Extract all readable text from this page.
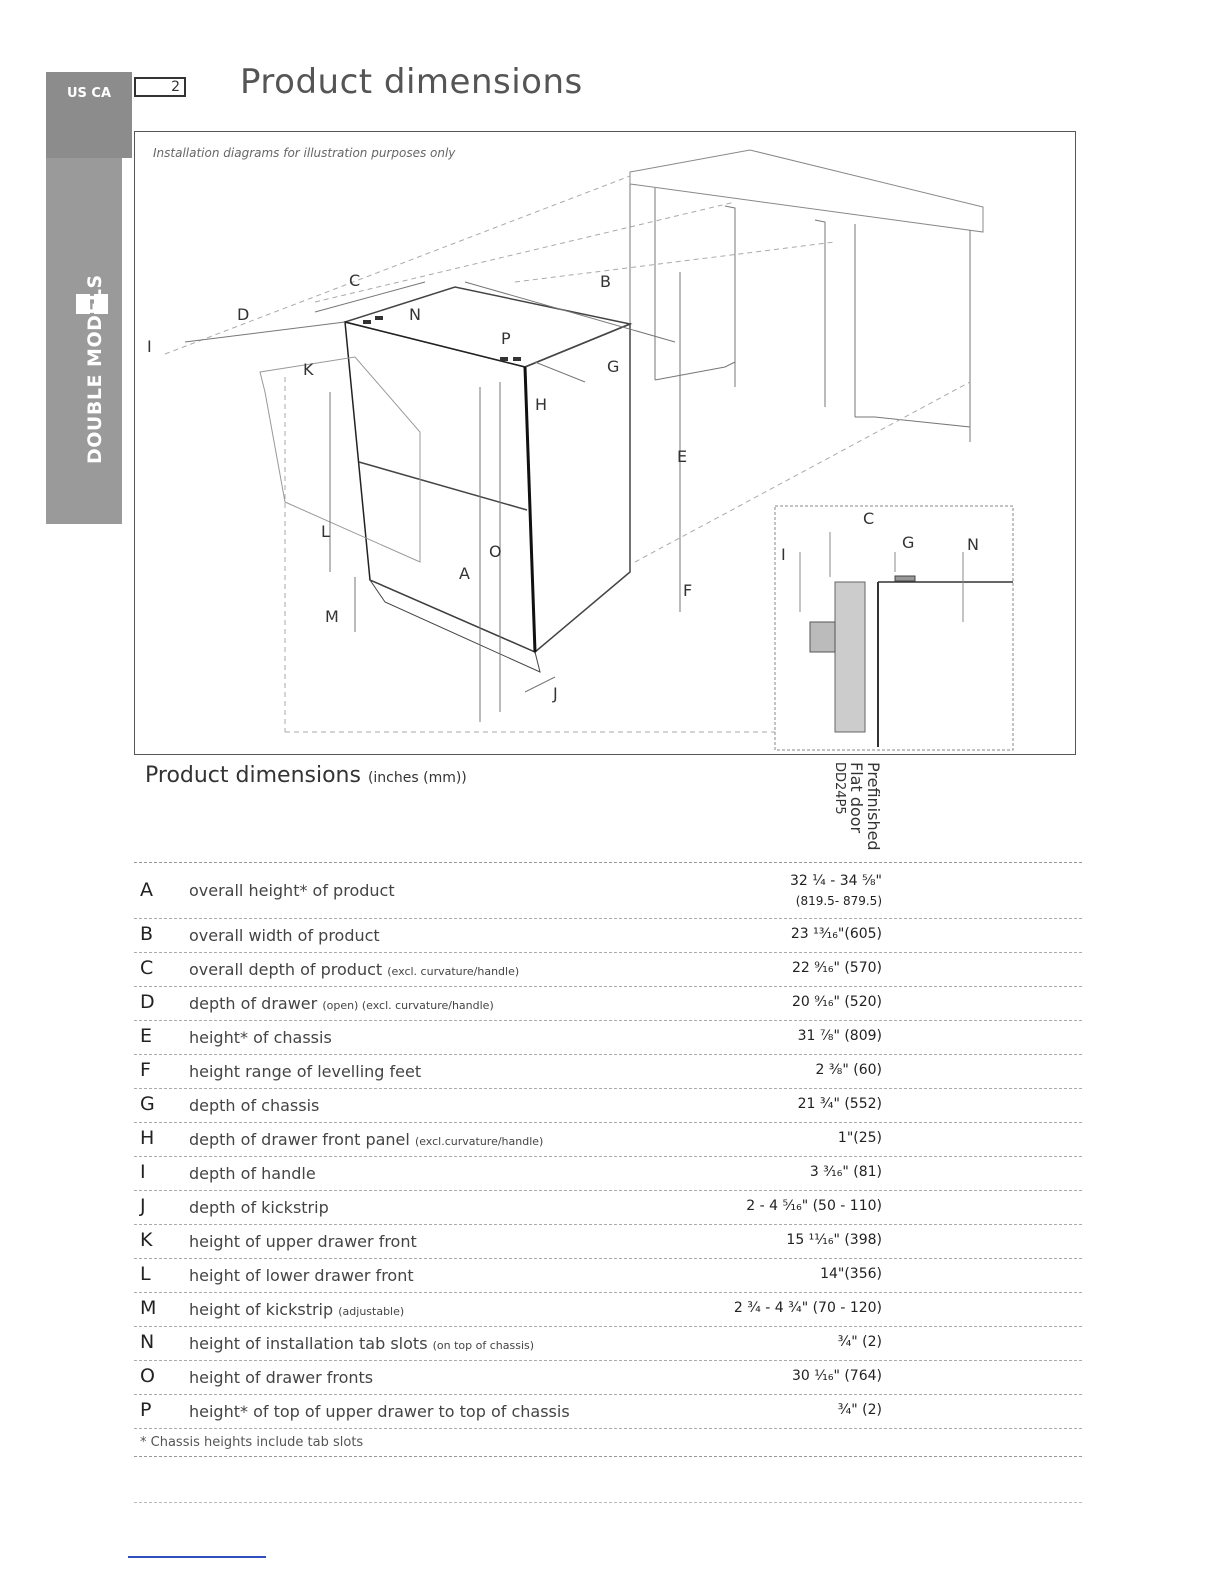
US CA
DOUBLE MODELS
2 Product dimensions
B
C
D	N
I	P
G
K
H
E
L
O
A
F
M
J
C
G
I
N
Installation diagrams for illustration purposes only
Product dimensions (inches (mm))	Prefinished
Flat door
DD24P5
A overall height* of product	32 ¼ - 34 ⅝"
(819.5- 879.5)
B overall width of product	23 ¹³⁄₁₆"(605)
C overall depth of product (excl. curvature/handle)	22 ⁹⁄₁₆" (570)
D depth of drawer (open) (excl. curvature/handle)	20 ⁹⁄₁₆" (520)
E height* of chassis	31 ⅞" (809)
F height range of levelling feet	2 ⅜" (60)
G depth of chassis	21 ¾" (552)
H depth of drawer front panel (excl.curvature/handle)	1"(25)
I	depth of handle	3 ³⁄₁₆" (81)
J	depth of kickstrip	2 - 4 ⁵⁄₁₆" (50 - 110)
K height of upper drawer front	15 ¹¹⁄₁₆" (398)
L height of lower drawer front	14"(356)
M height of kickstrip (adjustable)	2 ¾ - 4 ¾" (70 - 120)
N height of installation tab slots (on top of chassis)	¾" (2)
O height of drawer fronts	30 ¹⁄₁₆" (764)
P height* of top of upper drawer to top of chassis	¾" (2)
* Chassis heights include tab slots
